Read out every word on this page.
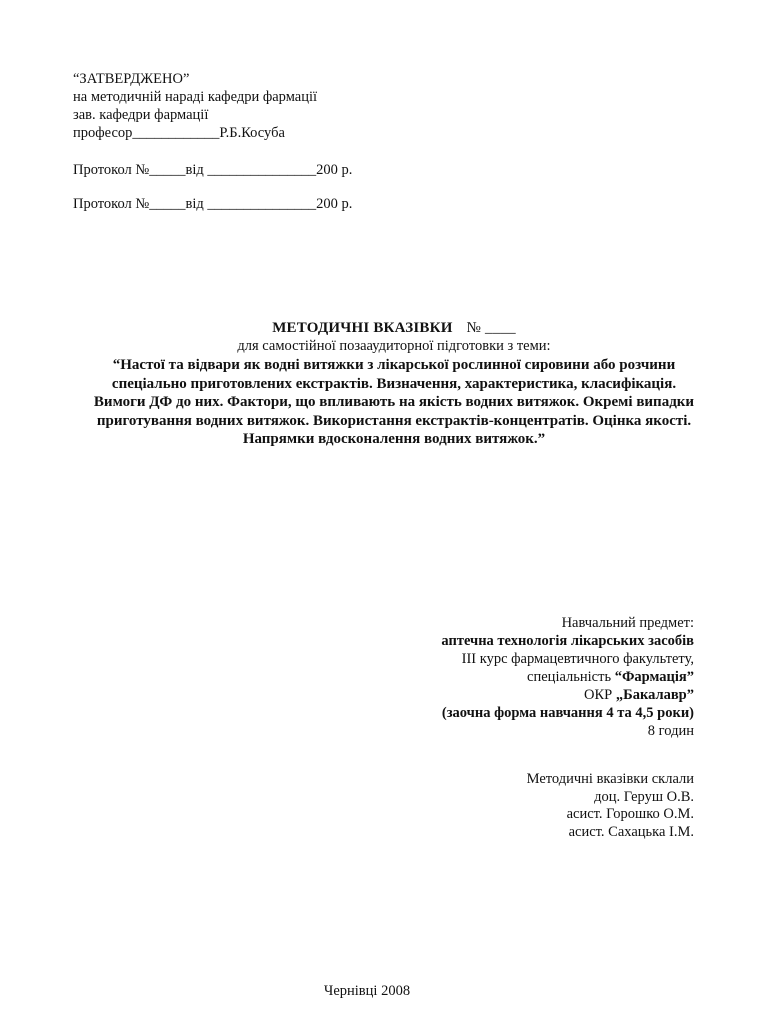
“ЗАТВЕРДЖЕНО”
на методичній нараді кафедри фармації
зав. кафедри фармації
професор____________Р.Б.Косуба
Протокол №_____від _______________200 р.
Протокол №_____від _______________200 р.
МЕТОДИЧНІ ВКАЗІВКИ № ____
для самостійної позааудиторної підготовки з теми:
“Настої та відвари як водні витяжки з лікарської рослинної сировини або розчини спеціально приготовлених екстрактів. Визначення, характеристика, класифікація. Вимоги ДФ до них. Фактори, що впливають на якість водних витяжок. Окремі випадки приготування водних витяжок. Використання екстрактів-концентратів. Оцінка якості. Напрямки вдосконалення водних витяжок.”
Навчальний предмет:
аптечна технологія лікарських засобів
ІІІ курс фармацевтичного факультету,
спеціальність “Фармація”
ОКР „Бакалавр”
(заочна форма навчання 4 та 4,5 роки)
8 годин
Методичні вказівки склали
доц. Геруш О.В.
асист. Горошко О.М.
асист. Сахацька І.М.
Чернівці 2008
